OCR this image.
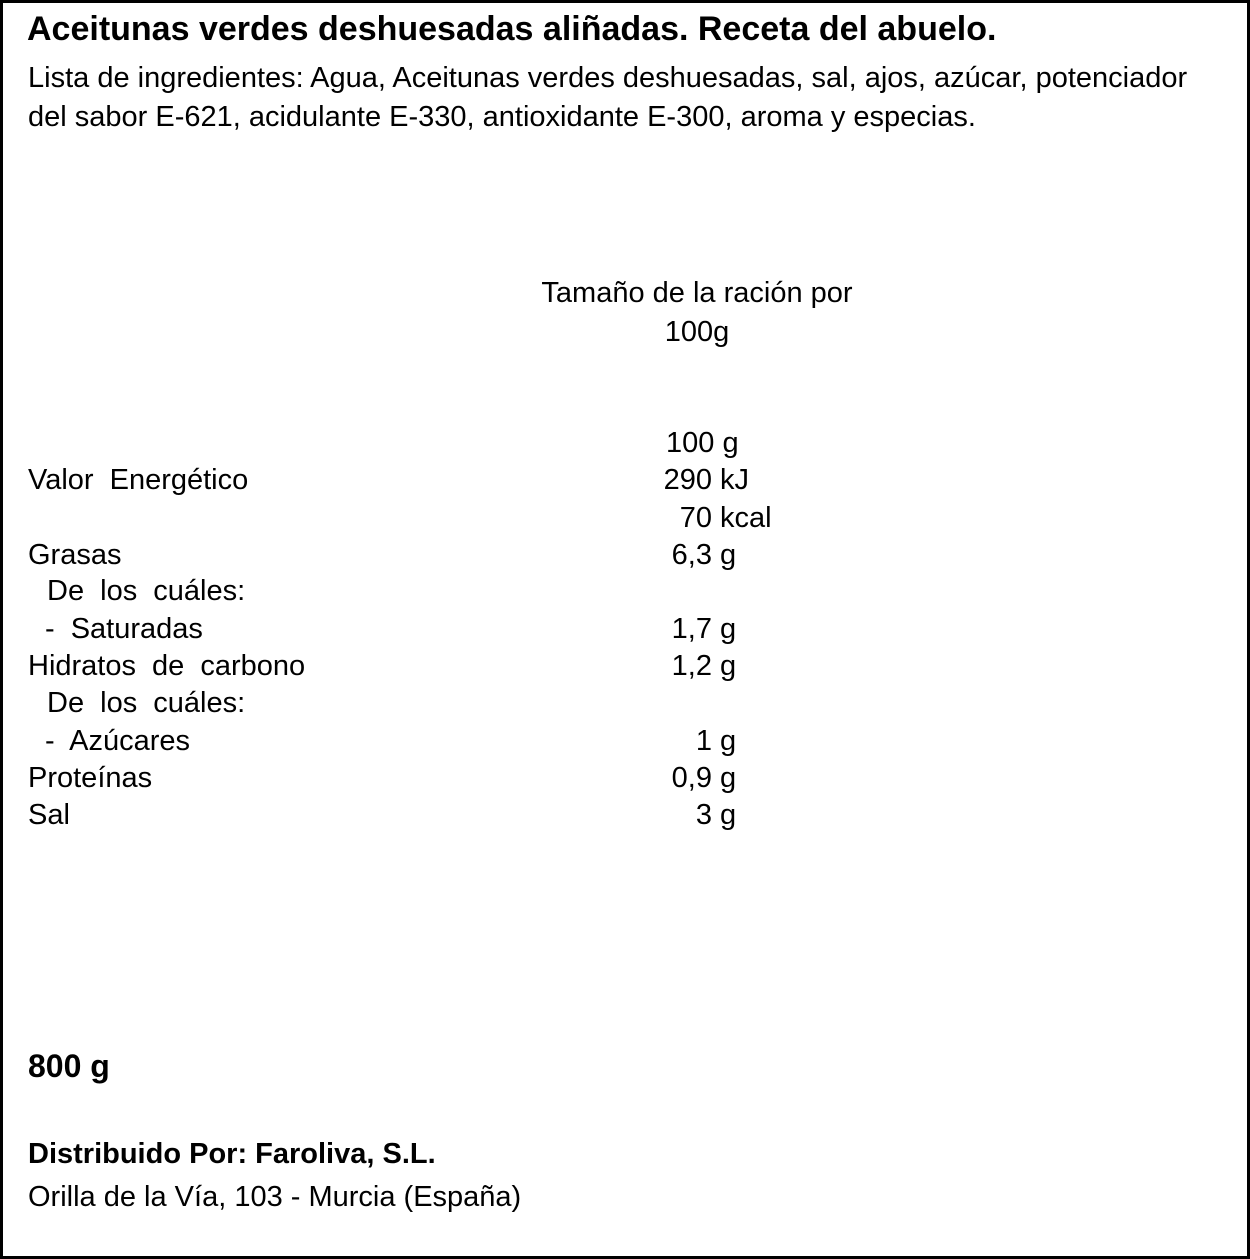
Aceitunas verdes deshuesadas aliñadas. Receta del abuelo.
Lista de ingredientes: Agua, Aceitunas verdes deshuesadas, sal, ajos, azúcar, potenciador del sabor E-621, acidulante E-330, antioxidante E-300, aroma y especias.
Tamaño de la ración por
100g
100 g
Valor Energético	290 kJ
70 kcal
Grasas	6,3 g
De los cuáles:
- Saturadas	1,7 g
Hidratos de carbono	1,2 g
De los cuáles:
- Azúcares	1 g
Proteínas	0,9 g
Sal	3 g
800 g
Distribuido Por: Faroliva, S.L.
Orilla de la Vía, 103 - Murcia (España)
